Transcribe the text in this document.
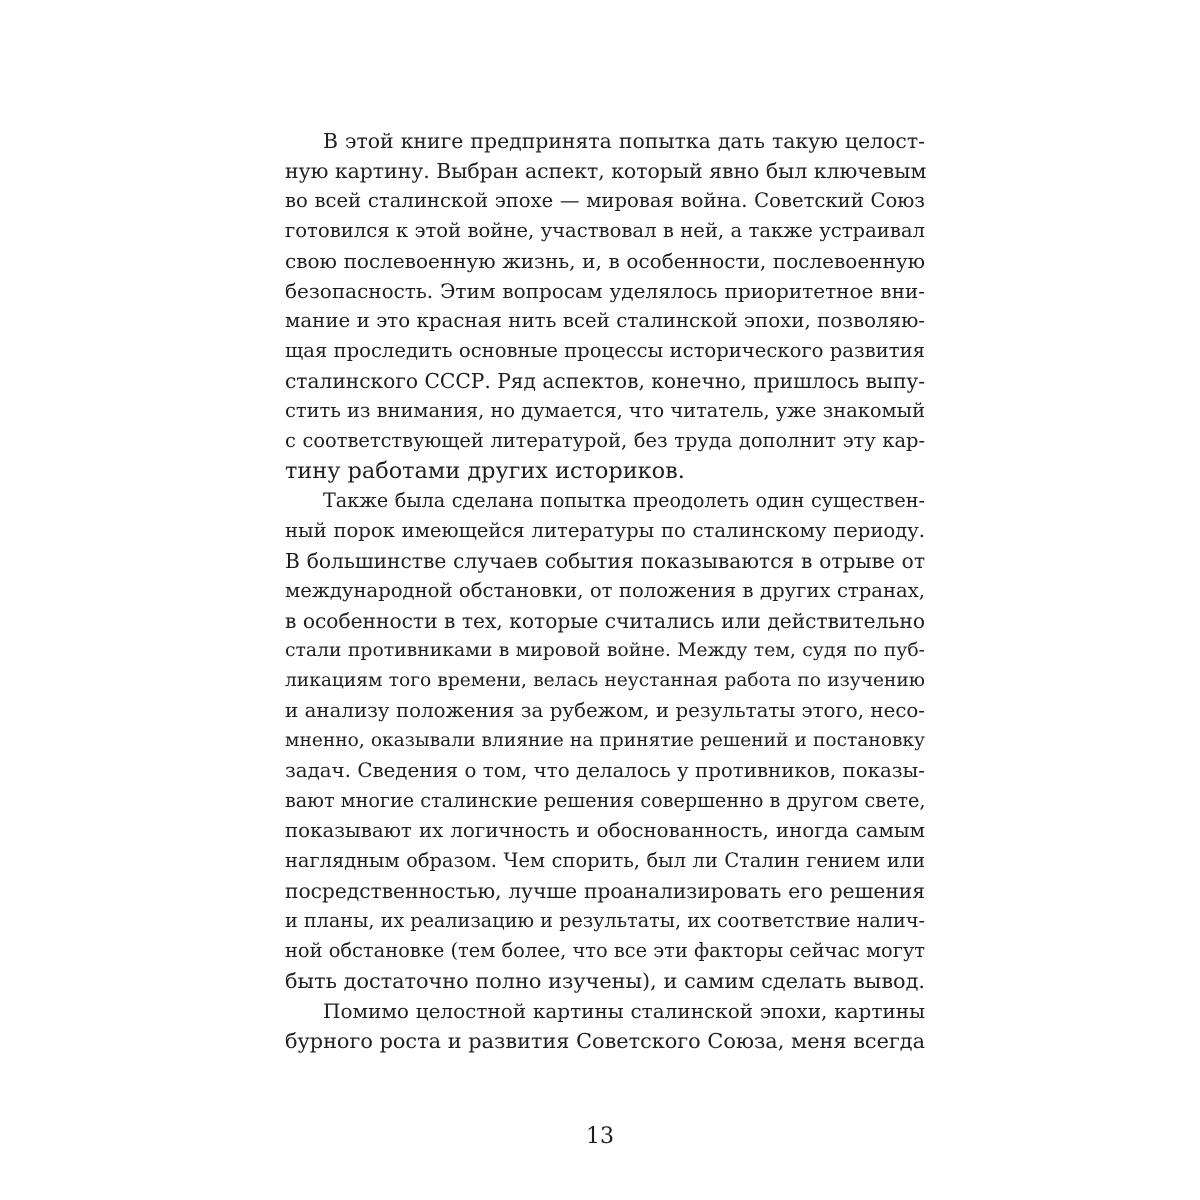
В этой книге предпринята попытка дать такую целост-
ную картину. Выбран аспект, который явно был ключевым
во всей сталинской эпохе — мировая война. Советский Союз
готовился к этой войне, участвовал в ней, а также устраивал
свою послевоенную жизнь, и, в особенности, послевоенную
безопасность. Этим вопросам уделялось приоритетное вни-
мание и это красная нить всей сталинской эпохи, позволяю-
щая проследить основные процессы исторического развития
сталинского СССР. Ряд аспектов, конечно, пришлось выпу-
стить из внимания, но думается, что читатель, уже знакомый
с соответствующей литературой, без труда дополнит эту кар-
тину работами других историков.
Также была сделана попытка преодолеть один существен-
ный порок имеющейся литературы по сталинскому периоду.
В большинстве случаев события показываются в отрыве от
международной обстановки, от положения в других странах,
в особенности в тех, которые считались или действительно
стали противниками в мировой войне. Между тем, судя по пуб-
ликациям того времени, велась неустанная работа по изучению
и анализу положения за рубежом, и результаты этого, несо-
мненно, оказывали влияние на принятие решений и постановку
задач. Сведения о том, что делалось у противников, показы-
вают многие сталинские решения совершенно в другом свете,
показывают их логичность и обоснованность, иногда самым
наглядным образом. Чем спорить, был ли Сталин гением или
посредственностью, лучше проанализировать его решения
и планы, их реализацию и результаты, их соответствие налич-
ной обстановке (тем более, что все эти факторы сейчас могут
быть достаточно полно изучены), и самим сделать вывод.
Помимо целостной картины сталинской эпохи, картины
бурного роста и развития Советского Союза, меня всегда
13
